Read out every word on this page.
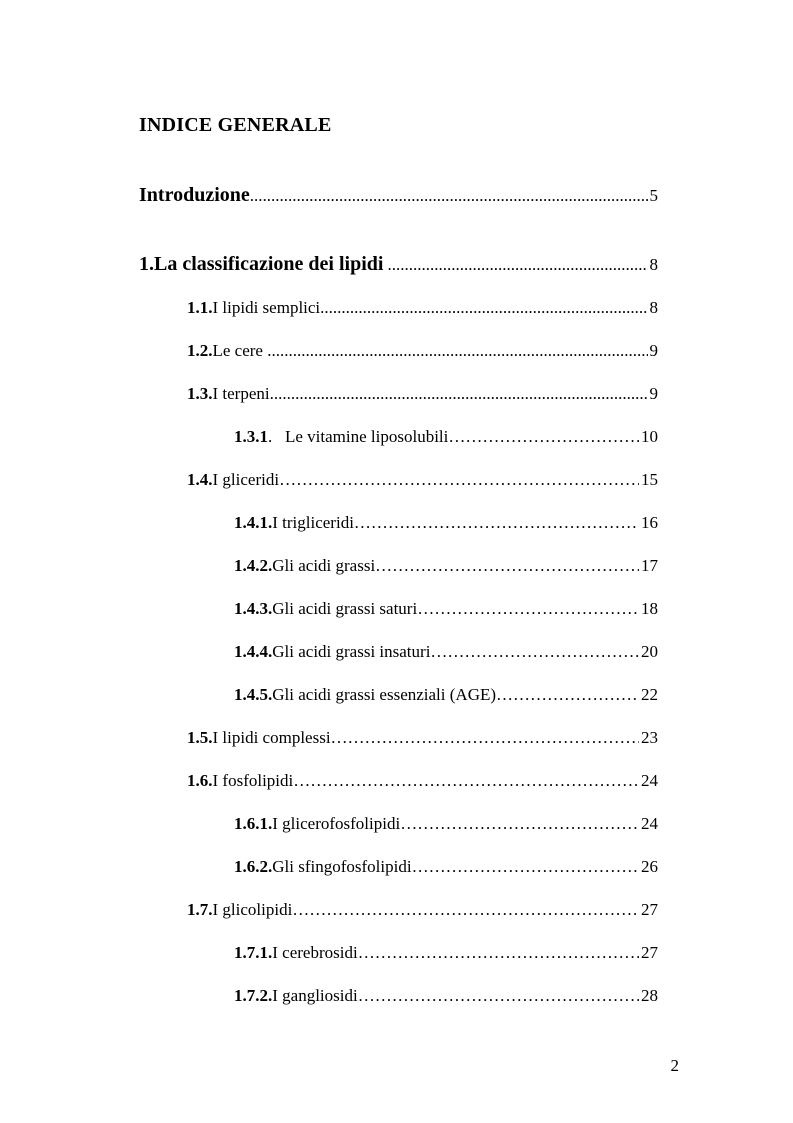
INDICE GENERALE
Introduzione .....	5
1. La classificazione dei lipidi .....	8
1.1. I lipidi semplici .....	8
1.2. Le cere .....	9
1.3. I terpeni .....	9
1.3.1 .   Le vitamine liposolubili …………………………………………………………………………………………………………………………………………………………………	10
1.4. I gliceridi …………………………………………………………………………………………………………………………………………………………………	15
1.4.1. I trigliceridi …………………………………………………………………………………………………………………………………………………………………	16
1.4.2. Gli acidi grassi …………………………………………………………………………………………………………………………………………………………………	17
1.4.3. Gli acidi grassi saturi …………………………………………………………………………………………………………………………………………………………………	18
1.4.4. Gli acidi grassi insaturi …………………………………………………………………………………………………………………………………………………………………	20
1.4.5. Gli acidi grassi essenziali (AGE) …………………………………………………………………………………………………………………………………………………………………	22
1.5. I lipidi complessi …………………………………………………………………………………………………………………………………………………………………	23
1.6. I fosfolipidi …………………………………………………………………………………………………………………………………………………………………	24
1.6.1. I glicerofosfolipidi …………………………………………………………………………………………………………………………………………………………………	24
1.6.2. Gli sfingofosfolipidi …………………………………………………………………………………………………………………………………………………………………	26
1.7. I glicolipidi …………………………………………………………………………………………………………………………………………………………………	27
1.7.1. I cerebrosidi …………………………………………………………………………………………………………………………………………………………………	27
1.7.2. I gangliosidi …………………………………………………………………………………………………………………………………………………………………	28
2
